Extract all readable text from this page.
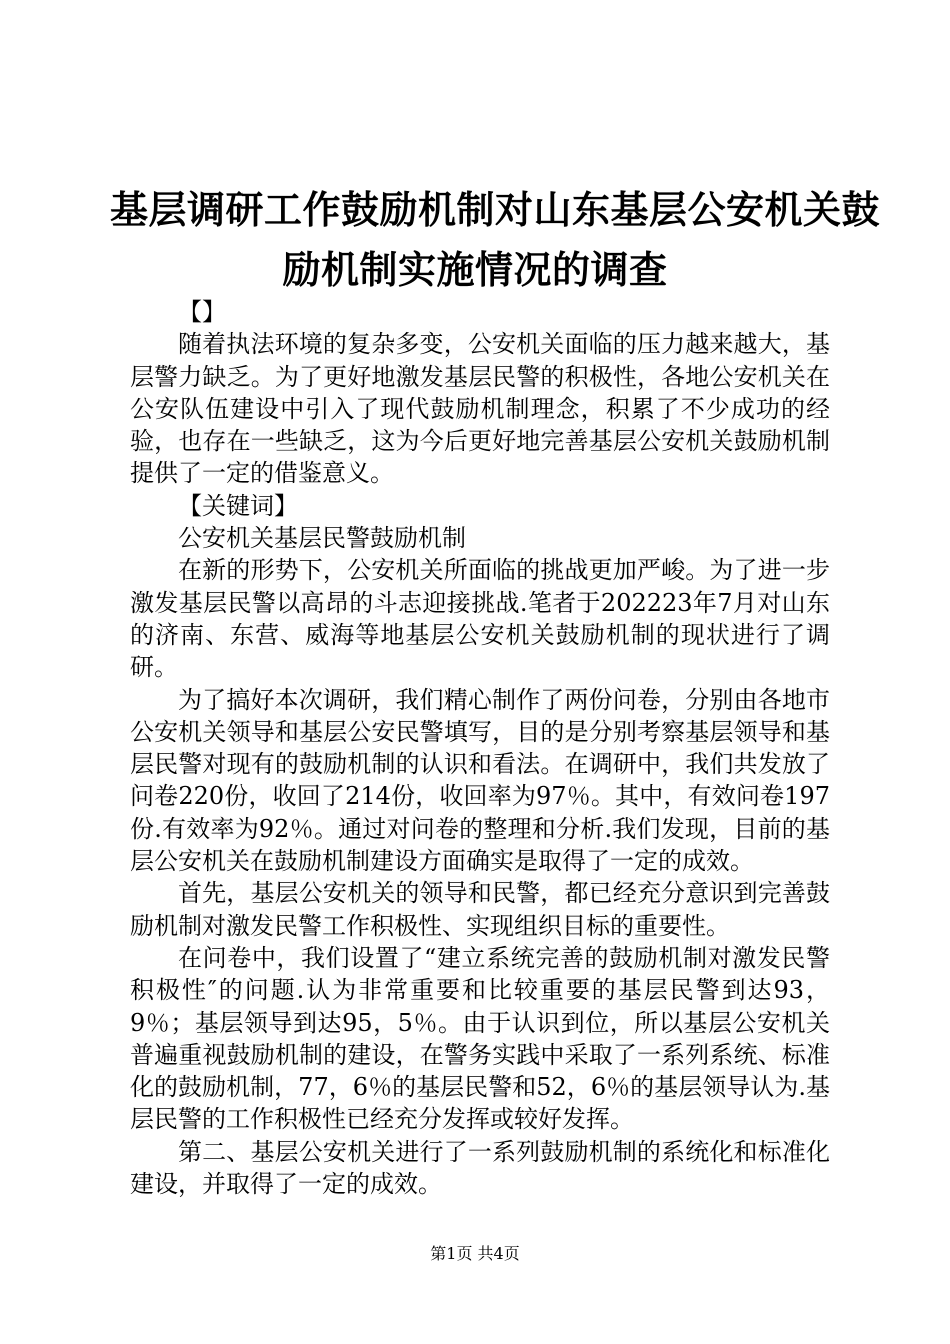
基层调研工作鼓励机制对山东基层公安机关鼓
励机制实施情况的调查

【】

随着执法环境的复杂多变，公安机关面临的压力越来越大，基层警力缺乏。为了更好地激发基层民警的积极性，各地公安机关在公安队伍建设中引入了现代鼓励机制理念，积累了不少成功的经验，也存在一些缺乏，这为今后更好地完善基层公安机关鼓励机制提供了一定的借鉴意义。

【关键词】

公安机关基层民警鼓励机制

在新的形势下，公安机关所面临的挑战更加严峻。为了进一步激发基层民警以高昂的斗志迎接挑战.笔者于202223年7月对山东的济南、东营、威海等地基层公安机关鼓励机制的现状进行了调研。

为了搞好本次调研，我们精心制作了两份问卷，分别由各地市公安机关领导和基层公安民警填写，目的是分别考察基层领导和基层民警对现有的鼓励机制的认识和看法。在调研中，我们共发放了问卷220份，收回了214份，收回率为97％。其中，有效问卷197份.有效率为92％。通过对问卷的整理和分析.我们发现，目前的基层公安机关在鼓励机制建设方面确实是取得了一定的成效。

首先，基层公安机关的领导和民警，都已经充分意识到完善鼓励机制对激发民警工作积极性、实现组织目标的重要性。

在问卷中，我们设置了“建立系统完善的鼓励机制对激发民警积极性″的问题.认为非常重要和比较重要的基层民警到达93，9％；基层领导到达95，5％。由于认识到位，所以基层公安机关普遍重视鼓励机制的建设，在警务实践中采取了一系列系统、标准化的鼓励机制，77，6％的基层民警和52，6％的基层领导认为.基层民警的工作积极性已经充分发挥或较好发挥。

第二、基层公安机关进行了一系列鼓励机制的系统化和标准化建设，并取得了一定的成效。

第1页 共4页
